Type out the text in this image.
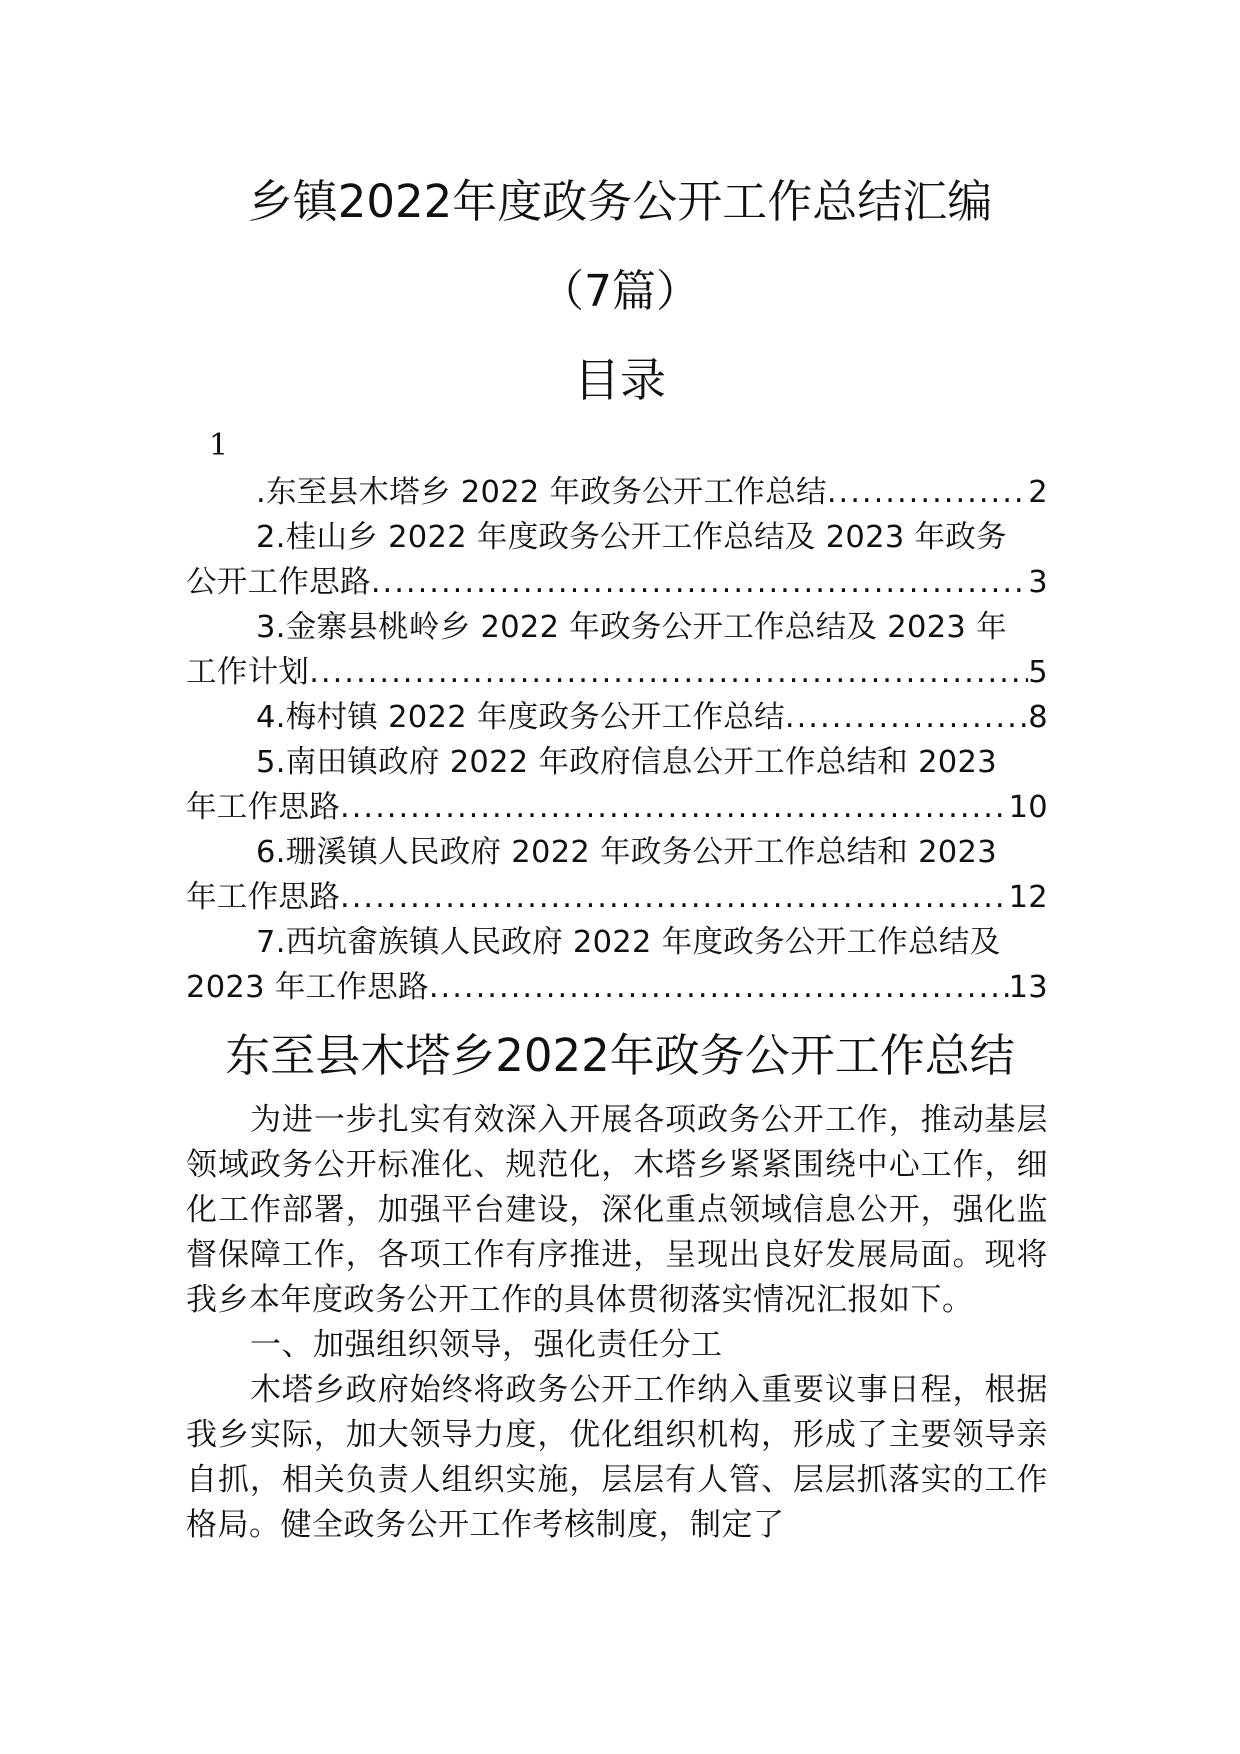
乡镇2022年度政务公开工作总结汇编
（7篇）
目录
1
.东至县木塔乡 2022 年政务公开工作总结 .....	2
2.桂山乡 2022 年度政务公开工作总结及 2023 年政务
公开工作思路 .....	3
3.金寨县桃岭乡 2022 年政务公开工作总结及 2023 年
工作计划 .....	5
4.梅村镇 2022 年度政务公开工作总结 .....	8
5.南田镇政府 2022 年政府信息公开工作总结和 2023
年工作思路 .....	10
6.珊溪镇人民政府 2022 年政务公开工作总结和 2023
年工作思路 .....	12
7.西坑畲族镇人民政府 2022 年度政务公开工作总结及
2023 年工作思路 .....	13
东至县木塔乡2022年政务公开工作总结

为进一步扎实有效深入开展各项政务公开工作，推动基层领域政务公开标准化、规范化，木塔乡紧紧围绕中心工作，细化工作部署，加强平台建设，深化重点领域信息公开，强化监督保障工作，各项工作有序推进，呈现出良好发展局面。现将我乡本年度政务公开工作的具体贯彻落实情况汇报如下。

一、加强组织领导，强化责任分工

木塔乡政府始终将政务公开工作纳入重要议事日程，根据我乡实际，加大领导力度，优化组织机构，形成了主要领导亲自抓，相关负责人组织实施，层层有人管、层层抓落实的工作格局。健全政务公开工作考核制度，制定了
